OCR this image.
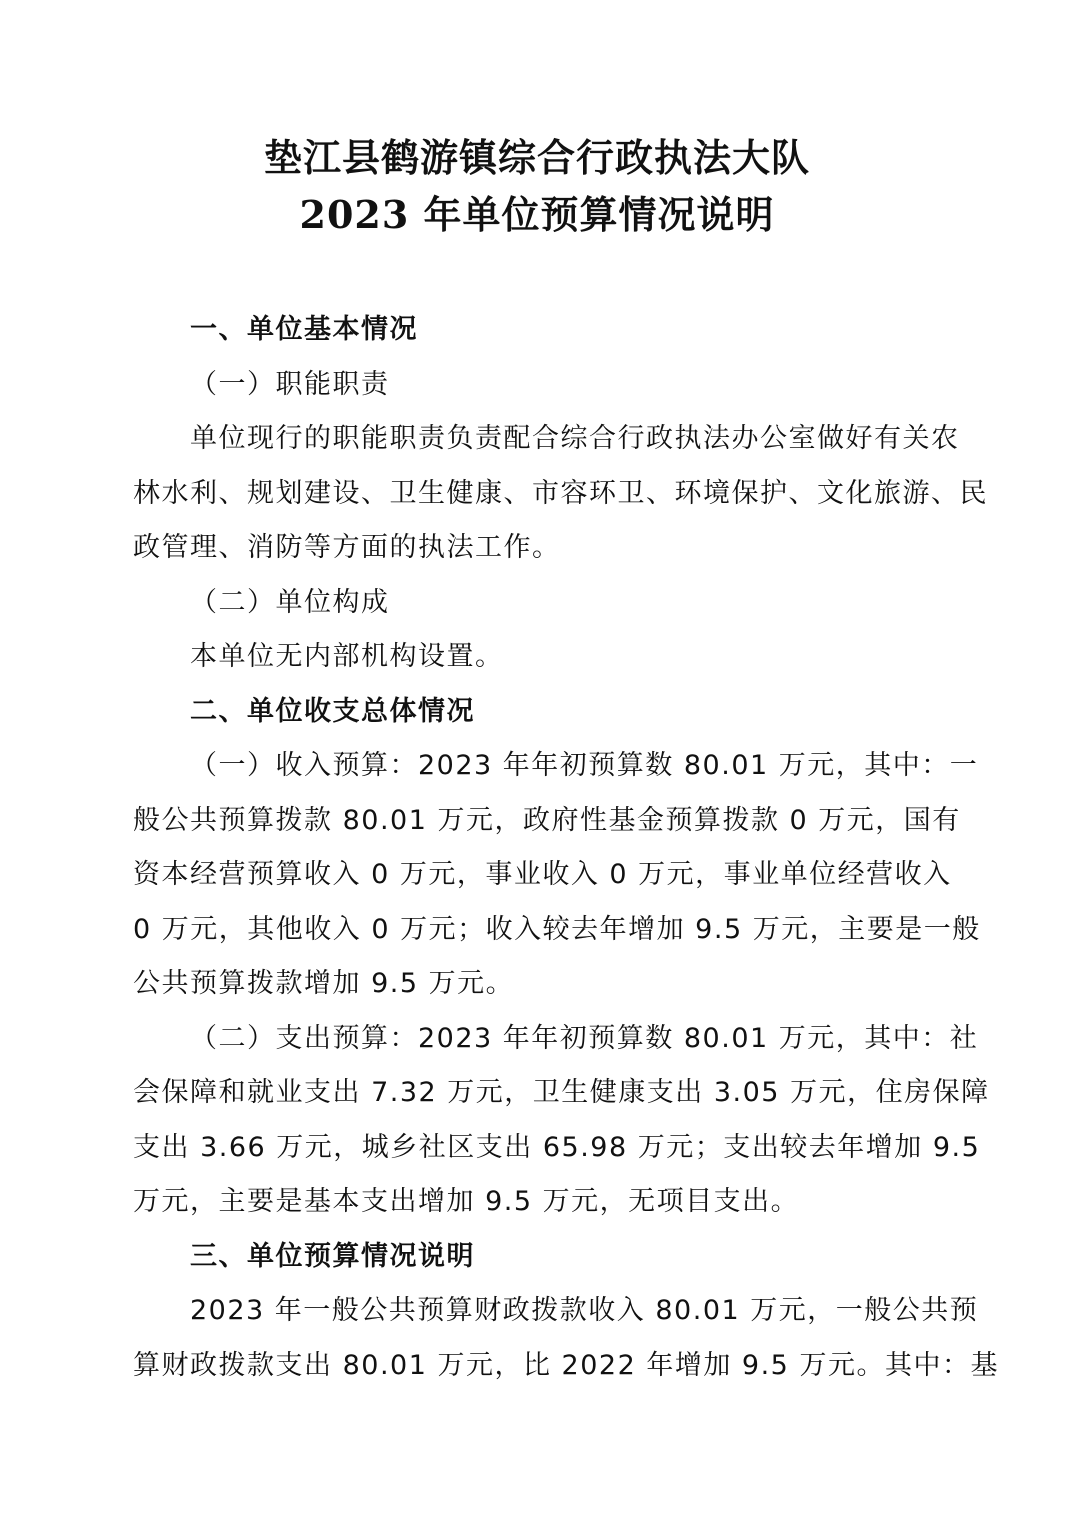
垫江县鹤游镇综合行政执法大队
2023 年单位预算情况说明

一、单位基本情况

（一）职能职责

单位现行的职能职责负责配合综合行政执法办公室做好有关农
林水利、规划建设、卫生健康、市容环卫、环境保护、文化旅游、民
政管理、消防等方面的执法工作。

（二）单位构成

本单位无内部机构设置。

二、单位收支总体情况

（一）收入预算：2023 年年初预算数 80.01 万元，其中：一
般公共预算拨款 80.01 万元，政府性基金预算拨款 0 万元，国有
资本经营预算收入 0 万元，事业收入 0 万元，事业单位经营收入
0 万元，其他收入 0 万元；收入较去年增加 9.5 万元，主要是一般
公共预算拨款增加 9.5 万元。

（二）支出预算：2023 年年初预算数 80.01 万元，其中：社
会保障和就业支出 7.32 万元，卫生健康支出 3.05 万元，住房保障
支出 3.66 万元，城乡社区支出 65.98 万元；支出较去年增加 9.5
万元，主要是基本支出增加 9.5 万元，无项目支出。

三、单位预算情况说明

2023 年一般公共预算财政拨款收入 80.01 万元，一般公共预
算财政拨款支出 80.01 万元，比 2022 年增加 9.5 万元。其中：基
